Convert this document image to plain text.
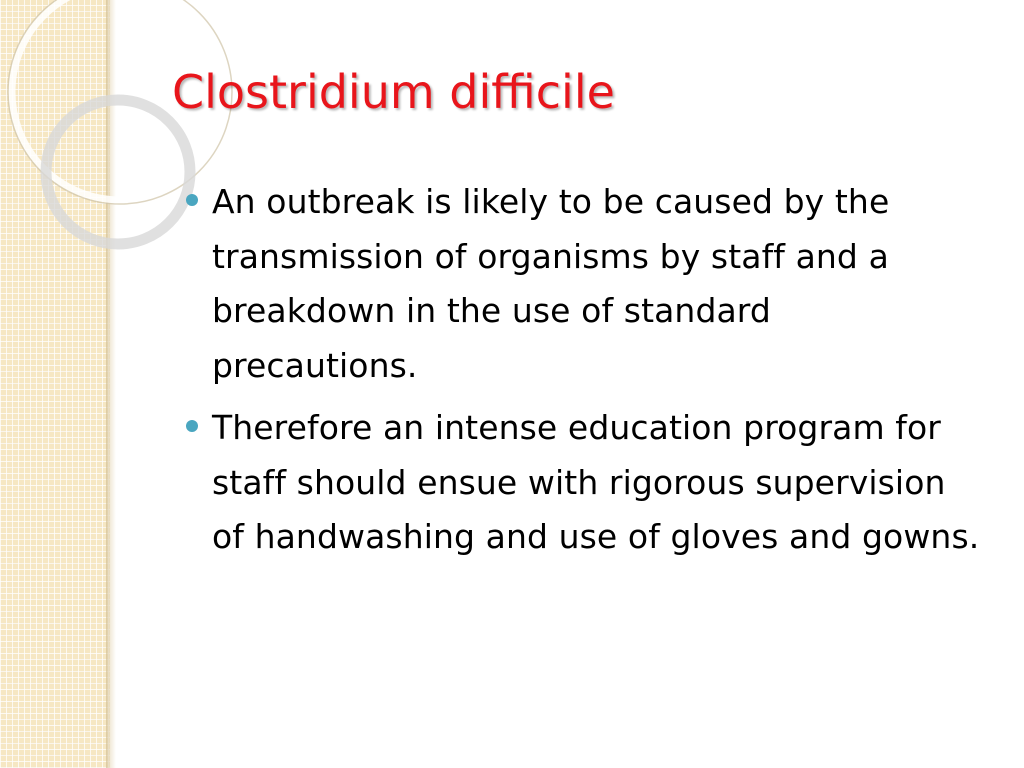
Clostridium difficile

An outbreak is likely to be caused by the transmission of organisms by staff and a breakdown in the use of standard precautions.

Therefore an intense education program for staff should ensue with rigorous supervision of handwashing and use of gloves and gowns.
